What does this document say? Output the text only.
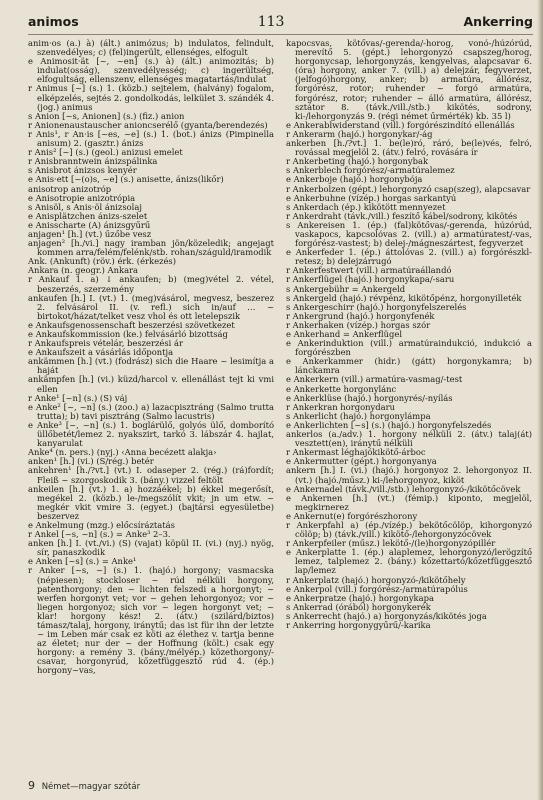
animos	113	Ankerring

anim·os (a.) à) (ált.) animózus; b) indulatos, felindult, szenvedélyes; c) (fel)ingerült, ellenséges, elfogult

e Animosit·ät [~, ~en] (s.) à) (ált.) animozitás; b) indulat(osság), szenvedélyesség; c) ingerültség, elfogultság, ellenszenv, ellenséges magatartás/indulat

r Animus [~] (s.) 1. (közb.) sejtelem, (halvány) fogalom, elképzelés, sejtés 2. gondolkodás, lelkület 3. szándék 4. (jog.) animus

s Anion [~s, Anionen] (s.) (fiz.) anion

r Anionenaustauscher anioncserélő (gyanta/berendezés)

r Anis¹, r An·is [~es, ~e] (s.) 1. (bot.) ánizs (Pimpinella anisum) 2. (gasztr.) ánizs

r Anis² [~] (s.) (geol.) anizusi emelet

r Anisbranntwein ánizspálinka

s Anisbrot ánizsos kenyér

e Anis·ett [~(o)s, ~e] (s.) anisette, ánizs(likőr)

anisotrop anizotróp

e Anisotropie anizotrópia

s Anisöl, s Anis·öl ánizsolaj

e Anisplätzchen ánizs-szelet

e Anisscharte (A) ánizsgyűrű

anjagen¹ [h.] (vt.) űzőbe vesz

anjagen² [h./vi.] nagy iramban jön/közeledik; angejagt kommen arra/felém/felénk/stb. rohan/száguld/iramodik

Ank. (Ankunft) (röv.) érk. (érkezés)

Ankara (n. geogr.) Ankara

r Ankauf 1. a) ↓ ankaufen; b) (meg)vétel 2. vétel, beszerzés, szerzemény

ankaufen [h.] I. (vt.) 1. (meg)vásárol, megvesz, beszerez 2. felvásárol II. (v. refl.) sich in/auf … ~ birtokot/házat/telket vesz vhol és ott letelepszik

e Ankaufsgenossenschaft beszerzési szövetkezet

e Ankaufskommission (ke.) felvásárló bizottság

r Ankaufspreis vételár, beszerzési ár

e Ankaufszeit a vásárlás időpontja

ankämmen [h.] (vt.) (fodrász) sich die Haare ~ lesimítja a haját

ankämpfen [h.] (vi.) küzd/harcol v. ellenállást tejt ki vmi ellen

r Anke¹ [~n] (s.) (S) váj

e Anke² [~, ~n] (s.) (zoo.) a) lazacpisztráng (Salmo trutta trutta); b) tavi pisztráng (Salmo lacustris)

e Anke³ [~, ~n] (s.) 1. boglárülő, golyós ülő, domborító üllőbetét/lemez 2. nyakszirt, tarkó 3. lábszár 4. hajlat, kanyarulat

Anke⁴ (n. pers.) (nyj.) ‹Anna becézett alakja›

anken¹ [h.] (vi.) (S/rég.) betér

ankehren¹ [h./?vt.] (vt.) I. odaseper 2. (rég.) (rá)fordít; Fleiß ~ szorgoskodik 3. (bány.) vizzel feltölt

ankeilen [h.] (vt.) 1. a) hozzáékel; b) ékkel megerősít, megékel 2. (közb.) le-/megszólít vkit; jn um etw. ~ megkér vkit vmire 3. (egyet.) (bajtársi egyesületbe) beszervez

e Ankelmung (mzg.) előcsíráztatás

r Ankel [~s, ~n] (s.) = Anke³ 2–3.

anken [h.] I. (vt./vi.) (S) (vajat) köpül II. (vi.) (nyj.) nyög, sír, panaszkodik

e Anken [~s] (s.) = Anke¹

r Anker [~s, ~] (s.) 1. (hajó.) horgony; vasmacska (népiesen); stockloser ~ rúd nélküli horgony, patenthorgony; den ~ lichten felszedi a horgonyt; ~ werfen horgonyt vet; vor ~ gehen lehorgonyoz; vor ~ liegen horgonyoz; sich vor ~ legen horgonyt vet; ~ klar! horgony kész! 2. (átv.) (szilárd/biztos) támasz/talaj, horgony, iránytű; das ist für ihn der letzte ~ im Leben már csak ez köti az élethez v. tartja benne az életet; nur der ~ der Hoffnung (költ.) csak egy horgony: a remény 3. (bány./mélyép.) közethorgony/-csavar, horgonyrúd, kőzetfüggesztő rúd 4. (ép.) horgony~vas,

kapocsvas, kötővas/-gerenda/-horog, vonó-/húzórúd, merevítő 5. (gépt.) lehorgonyzó csapszeg/horog, horgonycsap, lehorgonyzás, kengyelvas, alapcsavar 6. (óra) horgony, anker 7. (vill.) a) delejzár, fegyverzet, (jelfogó)horgony, anker; b) armatúra, állórész, forgórész, rotor; ruhender ~ forgó armatúra, forgórész, rotor; ruhender ~ álló armatúra, állórész, sztátor 8. (távk./vill./stb.) kikötés, sodrony, ki-/lehorgonyzás 9. (régi német űrmérték) kb. 35 l)

e Ankerablwiderstand (vill.) forgórészindító ellenállás

r Ankerarm (hajó.) horgonykar/-ág

ankerben [h./?vt.] 1. be(le)ró, ráró, be(le)vés, felró, rovással megjelöl 2. (átv.) felró, rovására ír

r Ankerbeting (hajó.) horgonybak

s Ankerblech forgórész/-armatúralemez

e Ankerboje (hajó.) horgonybója

r Ankerbolzen (gépt.) lehorgonyzó csap(szeg), alapcsavar

e Ankerbuhne (vízép.) horgas sarkantyú

s Ankerdach (ép.) kikötött mennyezet

r Ankerdraht (távk./vill.) feszítő kábel/sodrony, kikötés

s Ankereisen 1. (ép.) (fal)kötővas/-gerenda, húzórúd, vaskapocs, kapcsolóvas 2. (vill.) a) armatúratest/-vas, forgórész-vastest; b) delej-/mágneszártest, fegyverzet

e Ankerfeder 1. (ép.) áttolóvas 2. (vill.) a) forgórészkl-retesz; b) delejzárrugó

r Ankerfestwert (vill.) armatúraállandó

r Ankerflügel (hajó.) horgonykapa/-saru

s Ankergebühr = Ankergeld

s Ankergeld (hajó.) révpénz, kikötőpénz, horgonyilleték

s Ankergeschirr (hajó.) horgonyfelszerelés

r Ankergrund (hajó.) horgonyfenék

r Ankerhaken (vízép.) horgas szór

e Ankerhand = Ankerflügel

e Ankerinduktion (vill.) armatúraindukció, indukció a forgórészben

e Ankerkammer (hidr.) (gátt) horgonykamra; b) lánckamra

e Ankerkern (vill.) armatúra-vasmag/-test

e Ankerkette horgonylánc

e Ankerklüse (hajó.) horgonyrés/-nyílás

r Ankerkran horgonydaru

s Ankerlicht (hajó.) horgonylámpa

e Ankerlichten [~s] (s.) (hajó.) horgonyfelszedés

ankerlos (a./adv.) 1. horgony nélküli 2. (átv.) talaj(át) vesztett(en), iránytű nélküli

r Ankermast léghajókikötő-árboc

e Ankermutter (gépt.) horgonyanya

ankern [h.] I. (vi.) (hajó.) horgonyoz 2. lehorgonyoz II. (vt.) (hajó./műsz.) ki-/lehorgonyoz, kiköt

e Ankernadel (távk./vill./stb.) lehorgonyzó-/kikötőcövek

e Ankernen [h.] (vt.) (fémip.) kiponto, megjelöl, megkirnerez

e Ankernut(e) forgórészhorony

r Ankerpfahl a) (ép./vízép.) bekötőcölöp, kihorgonyzó cölöp; b) (távk./vill.) kikötő-/lehorgonyzócövek

r Ankerpfeiler (műsz.) lekötő-/(le)horgonyzópillér

e Ankerplatte 1. (ép.) alaplemez, lehorgonyzó/lerögzítő lemez, talplemez 2. (bány.) kőzettartó/kőzetfüggesztő lap/lemez

r Ankerplatz (hajó.) horgonyzó-/kikötőhely

e Ankerpol (vill.) forgórész-/armatúrapólus

e Ankerpratze (hajó.) horgonykapa

s Ankerrad (órából) horgonykerék

s Ankerrecht (hajó.) a) horgonyzás/kikötés joga

r Ankerring horgonygyűrű/-karika

9 Német—magyar szótár
